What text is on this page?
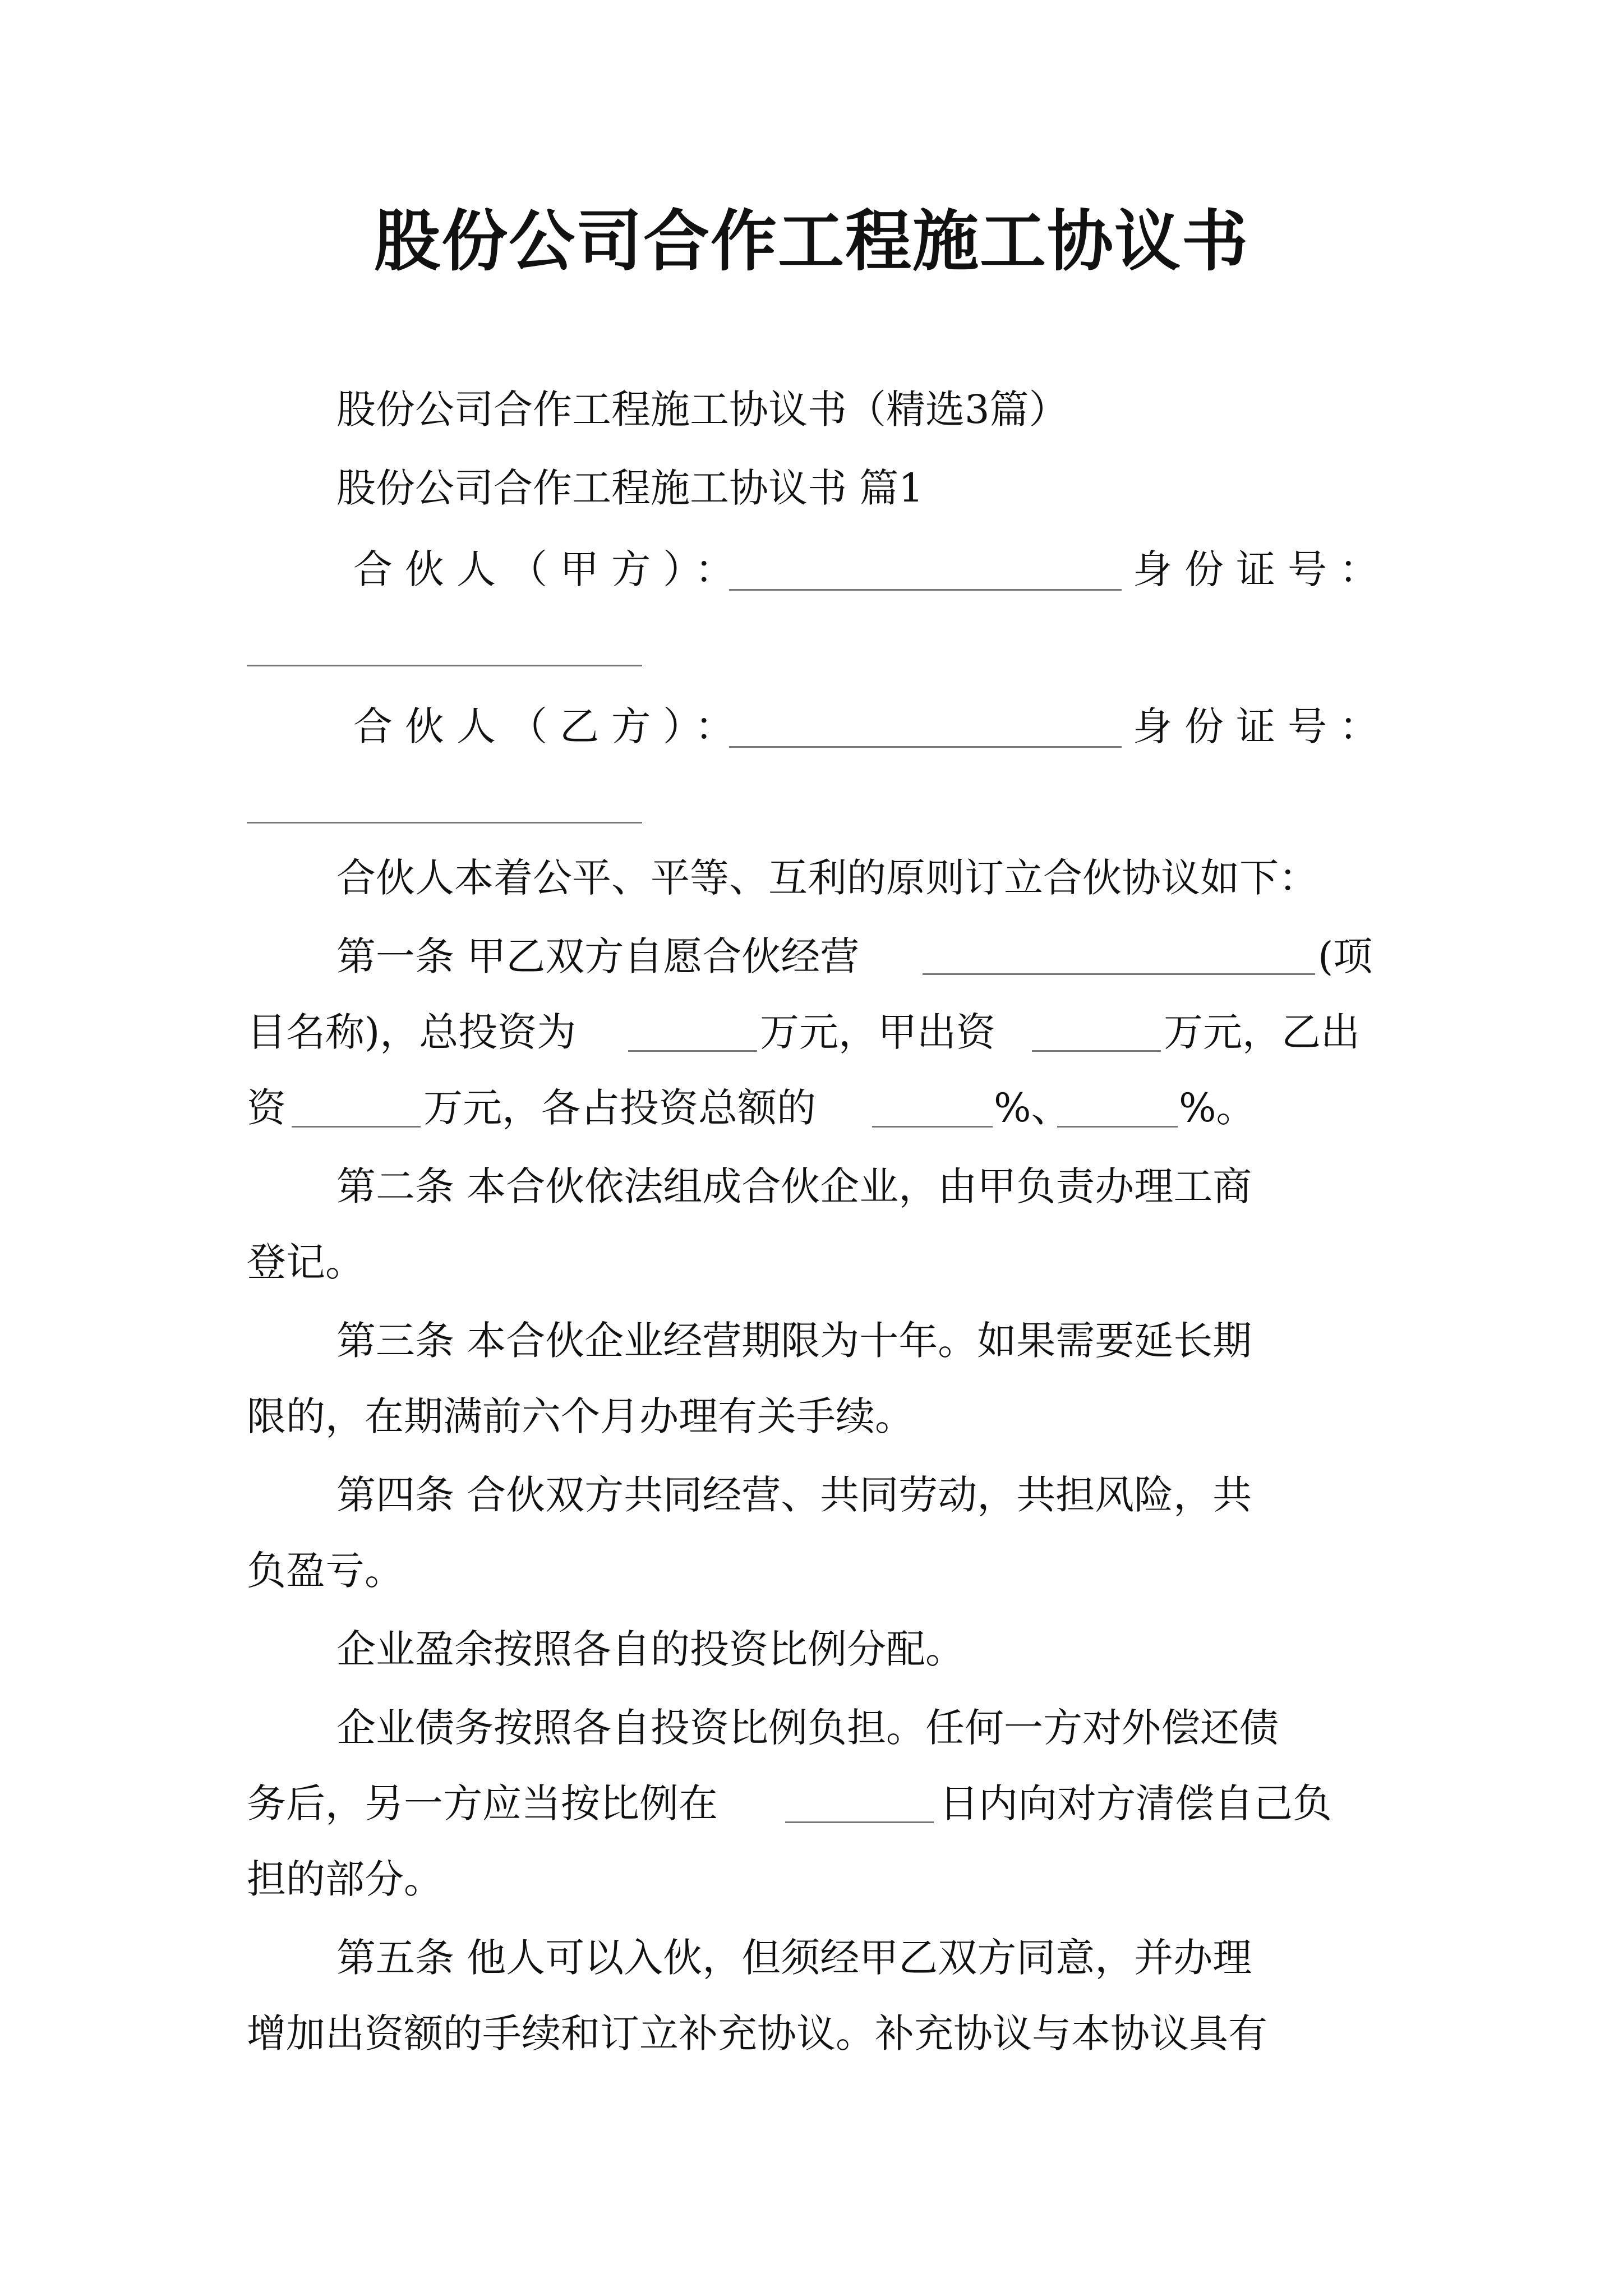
股份公司合作工程施工协议书

股份公司合作工程施工协议书（精选3篇）

股份公司合作工程施工协议书 篇1

合伙人（甲方）：	身份证号：

合伙人（乙方）：	身份证号：

合伙人本着公平、平等、互利的原则订立合伙协议如下：

第一条 甲乙双方自愿合伙经营	(项

目名称)，总投资为	万元，甲出资	万元，乙出

资	万元，各占投资总额的	%、	%。

第二条 本合伙依法组成合伙企业，由甲负责办理工商

登记。

第三条 本合伙企业经营期限为十年。如果需要延长期

限的，在期满前六个月办理有关手续。

第四条 合伙双方共同经营、共同劳动，共担风险，共

负盈亏。

企业盈余按照各自的投资比例分配。

企业债务按照各自投资比例负担。任何一方对外偿还债

务后，另一方应当按比例在	日内向对方清偿自己负

担的部分。

第五条 他人可以入伙，但须经甲乙双方同意，并办理

增加出资额的手续和订立补充协议。补充协议与本协议具有
